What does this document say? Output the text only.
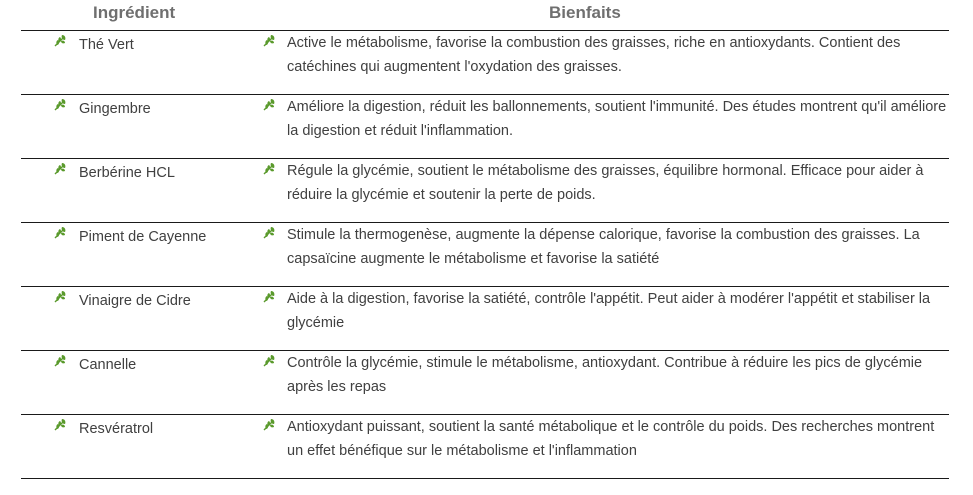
Ingrédient	Bienfaits
Thé Vert	Active le métabolisme, favorise la combustion des graisses, riche en antioxydants. Contient des catéchines qui augmentent l'oxydation des graisses.
Gingembre	Améliore la digestion, réduit les ballonnements, soutient l'immunité. Des études montrent qu'il améliore la digestion et réduit l'inflammation.
Berbérine HCL	Régule la glycémie, soutient le métabolisme des graisses, équilibre hormonal. Efficace pour aider à réduire la glycémie et soutenir la perte de poids.
Piment de Cayenne	Stimule la thermogenèse, augmente la dépense calorique, favorise la combustion des graisses. La capsaïcine augmente le métabolisme et favorise la satiété
Vinaigre de Cidre	Aide à la digestion, favorise la satiété, contrôle l'appétit. Peut aider à modérer l'appétit et stabiliser la glycémie
Cannelle	Contrôle la glycémie, stimule le métabolisme, antioxydant. Contribue à réduire les pics de glycémie après les repas
Resvératrol	Antioxydant puissant, soutient la santé métabolique et le contrôle du poids. Des recherches montrent un effet bénéfique sur le métabolisme et l'inflammation
